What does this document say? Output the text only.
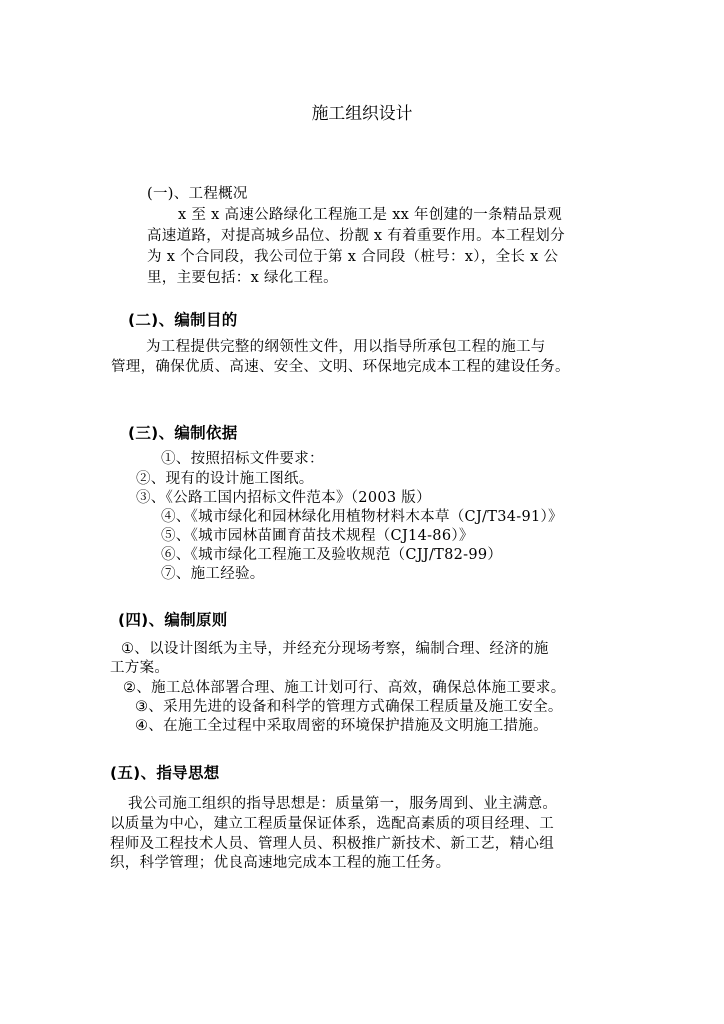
施工组织设计
(一)、工程概况
x 至 x 高速公路绿化工程施工是 xx 年创建的一条精品景观
高速道路，对提高城乡品位、扮靓 x 有着重要作用。本工程划分
为 x 个合同段，我公司位于第 x 合同段（桩号：x），全长 x 公
里，主要包括：x 绿化工程。
(二)、编制目的
为工程提供完整的纲领性文件，用以指导所承包工程的施工与
管理，确保优质、高速、安全、文明、环保地完成本工程的建设任务。
(三)、编制依据
①、按照招标文件要求：
②、现有的设计施工图纸。
③、《公路工国内招标文件范本》（2003 版）
④、《城市绿化和园林绿化用植物材料木本草（CJ/T34-91）》
⑤、《城市园林苗圃育苗技术规程（CJ14-86）》
⑥、《城市绿化工程施工及验收规范（CJJ/T82-99）
⑦、施工经验。
(四)、编制原则
①、以设计图纸为主导，并经充分现场考察，编制合理、经济的施
工方案。
②、施工总体部署合理、施工计划可行、高效，确保总体施工要求。
③、采用先进的设备和科学的管理方式确保工程质量及施工安全。
④、在施工全过程中采取周密的环境保护措施及文明施工措施。
(五)、指导思想
我公司施工组织的指导思想是：质量第一，服务周到、业主满意。
以质量为中心，建立工程质量保证体系，选配高素质的项目经理、工
程师及工程技术人员、管理人员、积极推广新技术、新工艺，精心组
织，科学管理；优良高速地完成本工程的施工任务。
